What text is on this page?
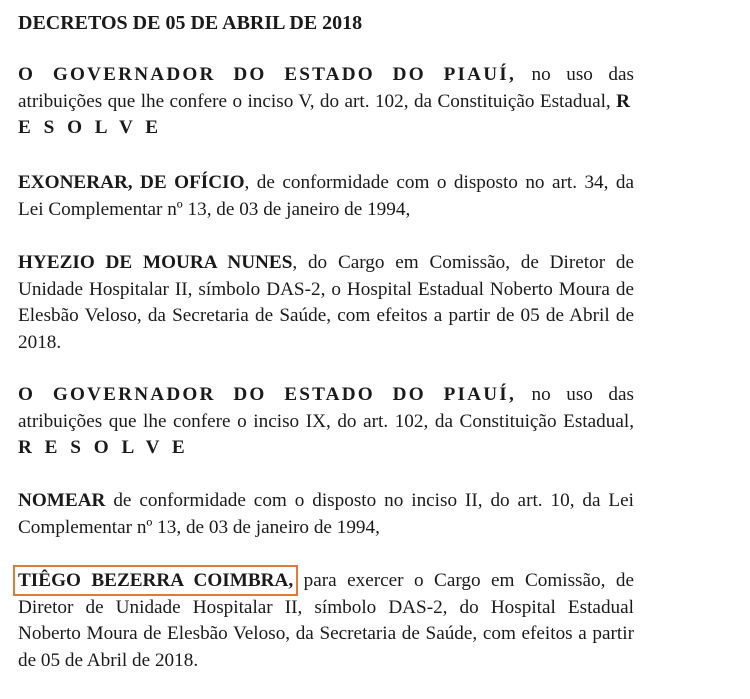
DECRETOS DE 05 DE ABRIL DE 2018

O GOVERNADOR DO ESTADO DO PIAUÍ, no uso das atribuições que lhe confere o inciso V, do art. 102, da Constituição Estadual, R E S O L V E

EXONERAR, DE OFÍCIO, de conformidade com o disposto no art. 34, da Lei Complementar nº 13, de 03 de janeiro de 1994,

HYEZIO DE MOURA NUNES, do Cargo em Comissão, de Diretor de Unidade Hospitalar II, símbolo DAS-2, o Hospital Estadual Noberto Moura de Elesbão Veloso, da Secretaria de Saúde, com efeitos a partir de 05 de Abril de 2018.

O GOVERNADOR DO ESTADO DO PIAUÍ, no uso das atribuições que lhe confere o inciso IX, do art. 102, da Constituição Estadual, R E S O L V E

NOMEAR de conformidade com o disposto no inciso II, do art. 10, da Lei Complementar nº 13, de 03 de janeiro de 1994,

TIÊGO BEZERRA COIMBRA, para exercer o Cargo em Comissão, de Diretor de Unidade Hospitalar II, símbolo DAS-2, do Hospital Estadual Noberto Moura de Elesbão Veloso, da Secretaria de Saúde, com efeitos a partir de 05 de Abril de 2018.
